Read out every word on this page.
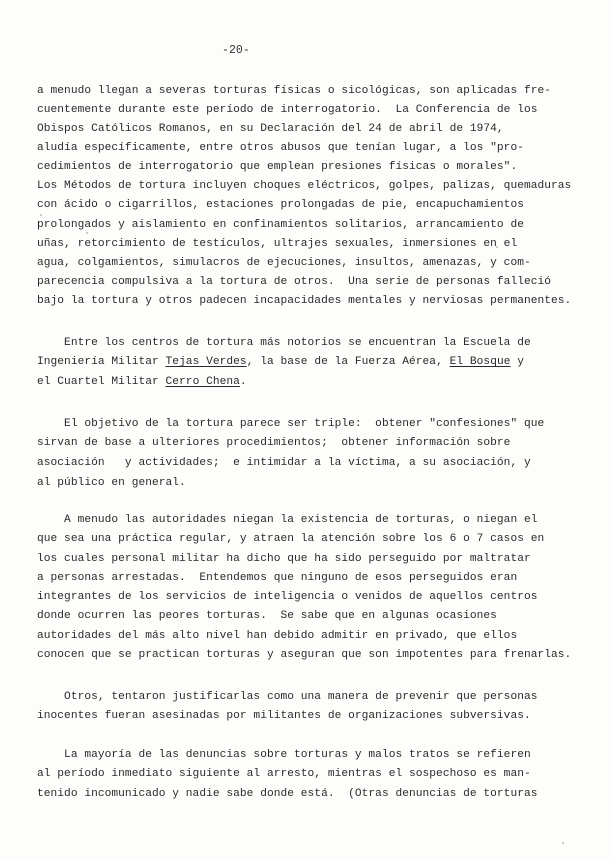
-20-
a menudo llegan a severas torturas físicas o sicológicas, son aplicadas fre-
cuentemente durante este período de interrogatorio.  La Conferencia de los
Obispos Católicos Romanos, en su Declaración del 24 de abril de 1974,
aludía específicamente, entre otros abusos que tenían lugar, a los "pro-
cedimientos de interrogatorio que emplean presiones físicas o morales".
Los Métodos de tortura incluyen choques eléctricos, golpes, palizas, quemaduras
con ácido o cigarrillos, estaciones prolongadas de pie, encapuchamientos
prolongados y aislamiento en confinamientos solitarios, arrancamiento de
uñas, retorcimiento de testículos, ultrajes sexuales, inmersiones en el
agua, colgamientos, simulacros de ejecuciones, insultos, amenazas, y com-
parecencia compulsiva a la tortura de otros.  Una serie de personas falleció
bajo la tortura y otros padecen incapacidades mentales y nerviosas permanentes.
Entre los centros de tortura más notorios se encuentran la Escuela de
Ingeniería Militar Tejas Verdes, la base de la Fuerza Aérea, El Bosque y
el Cuartel Militar Cerro Chena.
El objetivo de la tortura parece ser triple:  obtener "confesiones" que
sirvan de base a ulteriores procedimientos;  obtener información sobre
asociación   y actividades;  e intimidar a la víctima, a su asociación, y
al público en general.
A menudo las autoridades niegan la existencia de torturas, o niegan el
que sea una práctica regular, y atraen la atención sobre los 6 o 7 casos en
los cuales personal militar ha dicho que ha sido perseguido por maltratar
a personas arrestadas.  Entendemos que ninguno de esos perseguidos eran
integrantes de los servicios de inteligencia o venidos de aquellos centros
donde ocurren las peores torturas.  Se sabe que en algunas ocasiones
autoridades del más alto nivel han debido admitir en privado, que ellos
conocen que se practican torturas y aseguran que son impotentes para frenarlas.
Otros, tentaron justificarlas como una manera de prevenir que personas
inocentes fueran asesinadas por militantes de organizaciones subversivas.
La mayoría de las denuncias sobre torturas y malos tratos se refieren
al período inmediato siguiente al arresto, mientras el sospechoso es man-
tenido incomunicado y nadie sabe donde está.  (Otras denuncias de torturas
